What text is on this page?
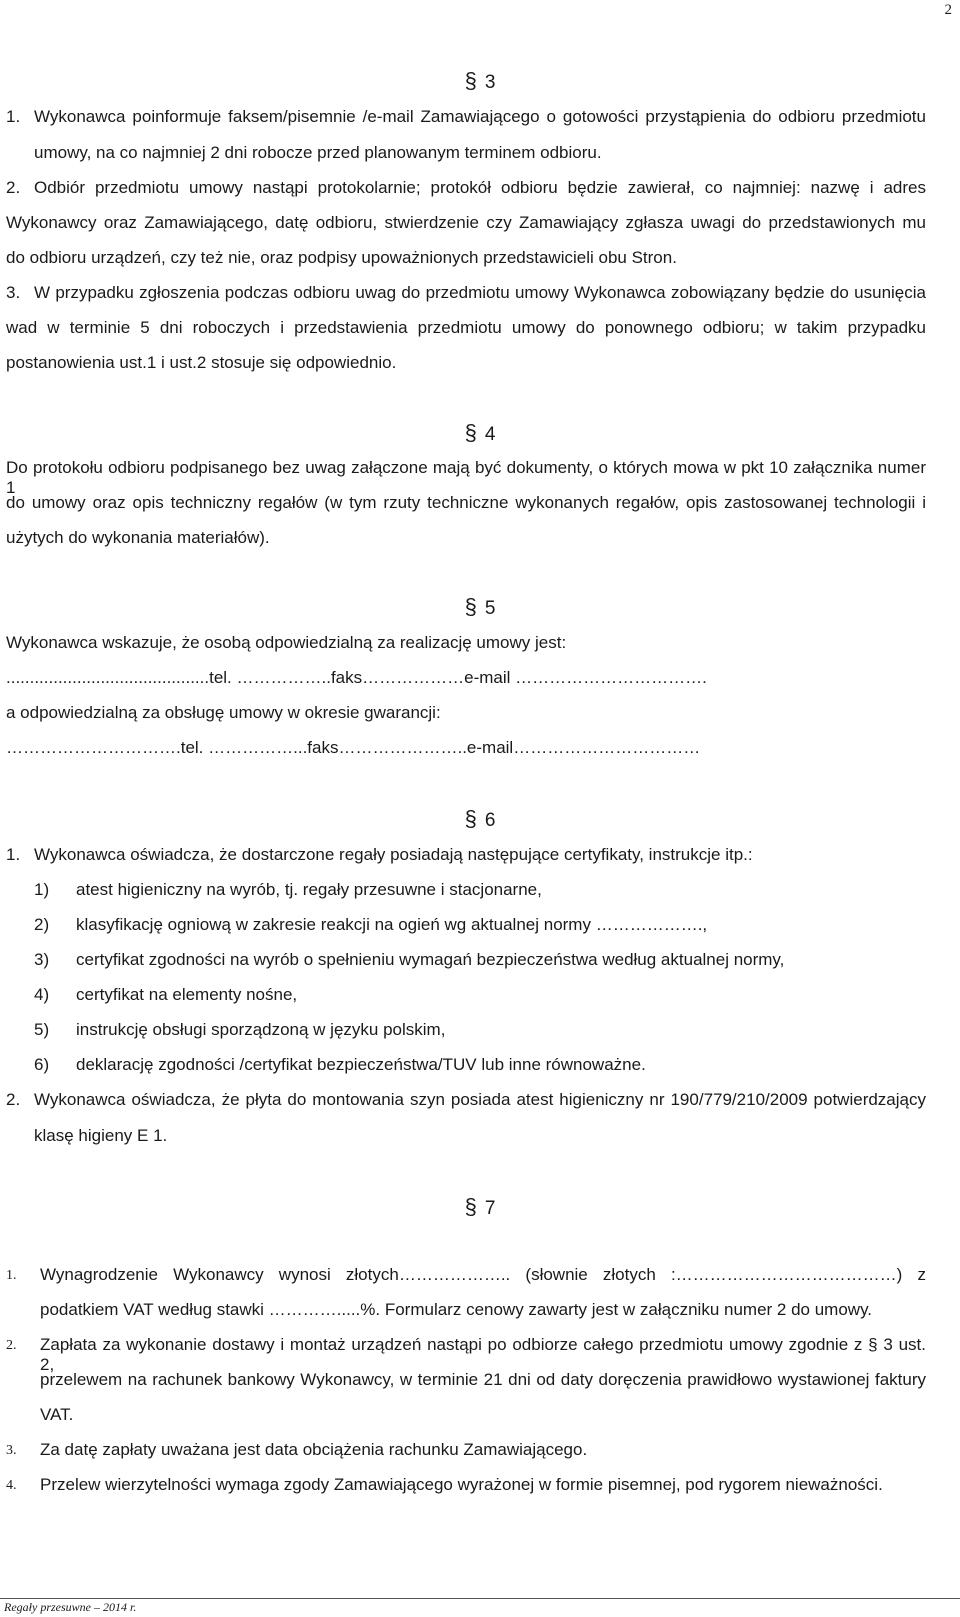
2
§ 3
1. Wykonawca poinformuje faksem/pisemnie /e-mail Zamawiającego o gotowości przystąpienia do odbioru przedmiotu
umowy, na co najmniej 2 dni robocze przed planowanym terminem odbioru.
2. Odbiór przedmiotu umowy nastąpi protokolarnie; protokół odbioru będzie zawierał, co najmniej: nazwę i adres
Wykonawcy oraz Zamawiającego, datę odbioru, stwierdzenie czy Zamawiający zgłasza uwagi do przedstawionych mu
do odbioru urządzeń, czy też nie, oraz podpisy upoważnionych przedstawicieli obu Stron.
3. W przypadku zgłoszenia podczas odbioru uwag do przedmiotu umowy Wykonawca zobowiązany będzie do usunięcia
wad w terminie 5 dni roboczych i przedstawienia przedmiotu umowy do ponownego odbioru; w takim przypadku
postanowienia ust.1 i ust.2 stosuje się odpowiednio.
§ 4
Do protokołu odbioru podpisanego bez uwag załączone mają być dokumenty, o których mowa w pkt 10 załącznika numer 1
do umowy oraz opis techniczny regałów (w tym rzuty techniczne wykonanych regałów, opis zastosowanej technologii i
użytych do wykonania materiałów).
§ 5
Wykonawca wskazuje, że osobą odpowiedzialną za realizację umowy jest:
...........................................tel. ……………..faks………………e-mail …………………………….
a odpowiedzialną za obsługę umowy w okresie gwarancji:
………………………….tel. ……………...faks…………………..e-mail……………………………
§ 6
1. Wykonawca oświadcza, że dostarczone regały posiadają następujące certyfikaty, instrukcje itp.:
1) atest higieniczny na wyrób, tj. regały przesuwne i stacjonarne,
2) klasyfikację ogniową w zakresie reakcji na ogień wg aktualnej normy ……………….,
3) certyfikat zgodności na wyrób o spełnieniu wymagań bezpieczeństwa według aktualnej normy,
4) certyfikat na elementy nośne,
5) instrukcję obsługi sporządzoną w języku polskim,
6) deklarację zgodności /certyfikat bezpieczeństwa/TUV lub inne równoważne.
2. Wykonawca oświadcza, że płyta do montowania szyn posiada atest higieniczny nr 190/779/210/2009 potwierdzający
klasę higieny E 1.
§ 7
1. Wynagrodzenie Wykonawcy wynosi złotych……………….. (słownie złotych :…………………………………) z
podatkiem VAT według stawki ………….....%. Formularz cenowy zawarty jest w załączniku numer 2 do umowy.
2. Zapłata za wykonanie dostawy i montaż urządzeń nastąpi po odbiorze całego przedmiotu umowy zgodnie z § 3 ust. 2,
przelewem na rachunek bankowy Wykonawcy, w terminie 21 dni od daty doręczenia prawidłowo wystawionej faktury
VAT.
3. Za datę zapłaty uważana jest data obciążenia rachunku Zamawiającego.
4. Przelew wierzytelności wymaga zgody Zamawiającego wyrażonej w formie pisemnej, pod rygorem nieważności.
Regały przesuwne – 2014 r.
